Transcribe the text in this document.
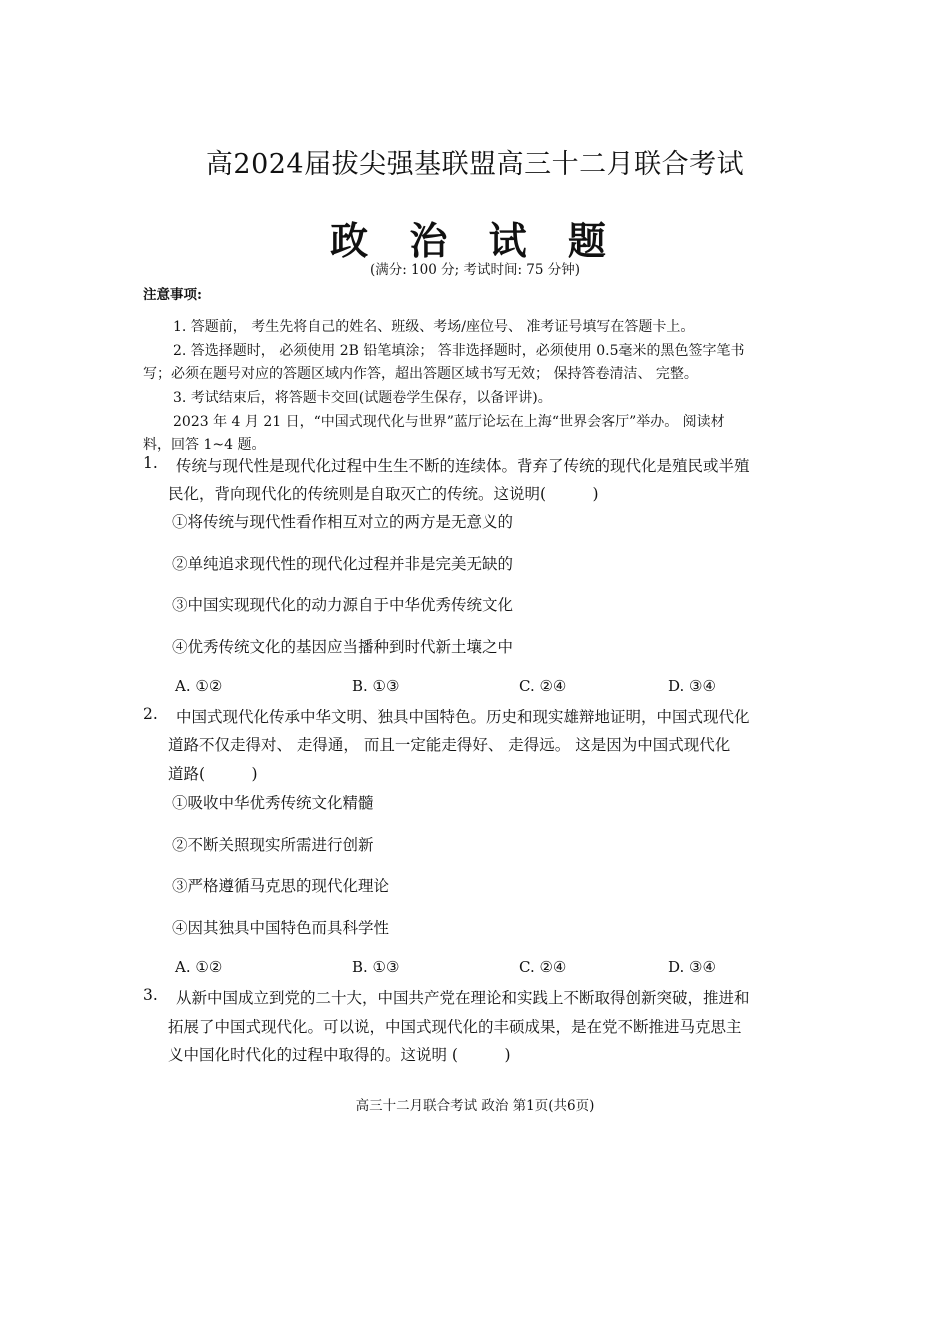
高2024届拔尖强基联盟高三十二月联合考试
政 治 试 题
(满分: 100 分; 考试时间: 75 分钟)
注意事项:
1. 答题前， 考生先将自己的姓名、班级、考场/座位号、 准考证号填写在答题卡上。
2. 答选择题时， 必须使用 2B 铅笔填涂； 答非选择题时，必须使用 0.5毫米的黑色签字笔书
写；必须在题号对应的答题区域内作答，超出答题区域书写无效； 保持答卷清洁、 完整。
3. 考试结束后，将答题卡交回(试题卷学生保存，以备评讲)。
2023 年 4 月 21 日，“中国式现代化与世界”蓝厅论坛在上海“世界会客厅”举办。 阅读材
料，回答 1~4 题。
1. 传统与现代性是现代化过程中生生不断的连续体。背弃了传统的现代化是殖民或半殖
民化，背向现代化的传统则是自取灭亡的传统。这说明(　　　)
①将传统与现代性看作相互对立的两方是无意义的
②单纯追求现代性的现代化过程并非是完美无缺的
③中国实现现代化的动力源自于中华优秀传统文化
④优秀传统文化的基因应当播种到时代新土壤之中
A. ①②	B. ①③	C. ②④	D. ③④
2. 中国式现代化传承中华文明、独具中国特色。历史和现实雄辩地证明，中国式现代化
道路不仅走得对、 走得通， 而且一定能走得好、 走得远。 这是因为中国式现代化
道路(　　　)
①吸收中华优秀传统文化精髓
②不断关照现实所需进行创新
③严格遵循马克思的现代化理论
④因其独具中国特色而具科学性
A. ①②	B. ①③	C. ②④	D. ③④
3. 从新中国成立到党的二十大，中国共产党在理论和实践上不断取得创新突破，推进和
拓展了中国式现代化。可以说，中国式现代化的丰硕成果，是在党不断推进马克思主
义中国化时代化的过程中取得的。这说明 (　　　)
高三十二月联合考试 政治 第1页(共6页)
